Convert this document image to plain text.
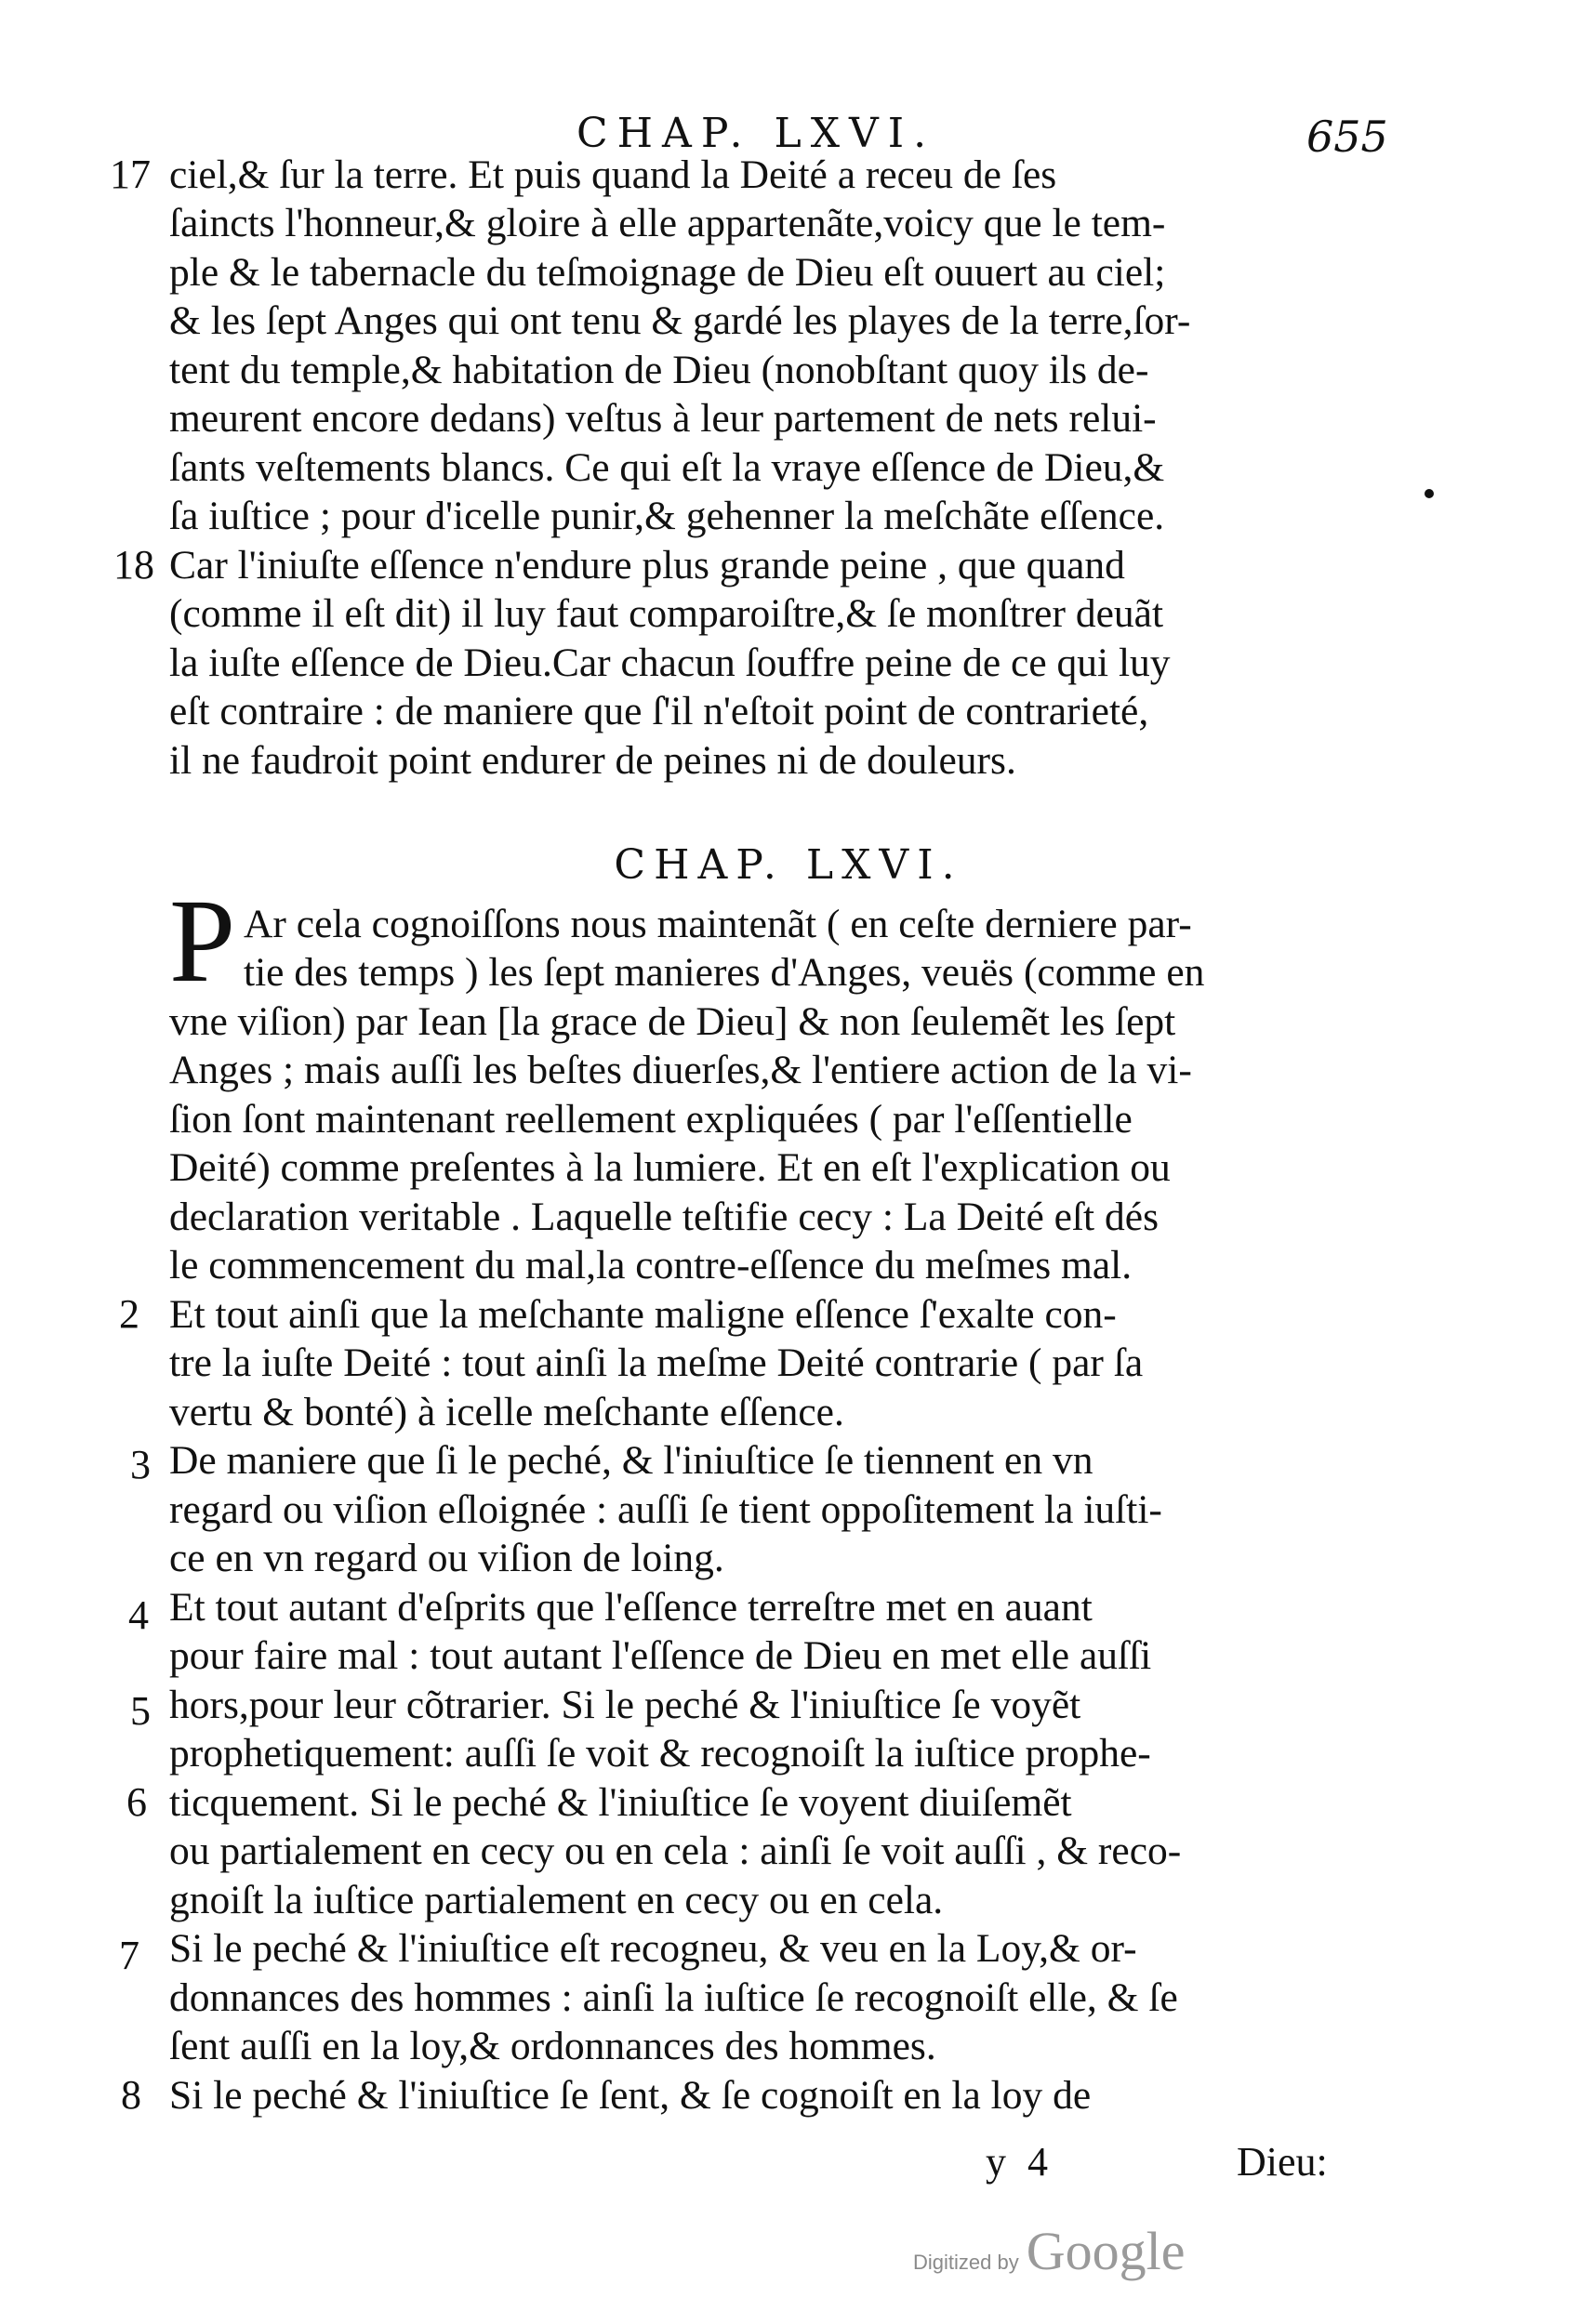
CHAP. LXVI.	655
17 ciel,& ſur la terre. Et puis quand la Deité a receu de ſes
ſaincts l'honneur,& gloire à elle appartenãte,voicy que le tem-
ple & le tabernacle du teſmoignage de Dieu eſt ouuert au ciel;
& les ſept Anges qui ont tenu & gardé les playes de la terre,ſor-
tent du temple,& habitation de Dieu (nonobſtant quoy ils de-
meurent encore dedans) veſtus à leur partement de nets relui-
ſants veſtements blancs. Ce qui eſt la vraye eſſence de Dieu,&
ſa iuſtice ; pour d'icelle punir,& gehenner la meſchãte eſſence.
18 Car l'iniuſte eſſence n'endure plus grande peine , que quand
(comme il eſt dit) il luy faut comparoiſtre,& ſe monſtrer deuãt
la iuſte eſſence de Dieu.Car chacun ſouffre peine de ce qui luy
eſt contraire : de maniere que ſ'il n'eſtoit point de contrarieté,
il ne faudroit point endurer de peines ni de douleurs.
CHAP. LXVI.
P Ar cela cognoiſſons nous maintenãt ( en ceſte derniere par-
tie des temps ) les ſept manieres d'Anges, veuës (comme en
vne viſion) par Iean [la grace de Dieu] & non ſeulemẽt les ſept
Anges ; mais auſſi les beſtes diuerſes,& l'entiere action de la vi-
ſion ſont maintenant reellement expliquées ( par l'eſſentielle
Deité) comme preſentes à la lumiere. Et en eſt l'explication ou
declaration veritable . Laquelle teſtifie cecy : La Deité eſt dés
le commencement du mal,la contre-eſſence du meſmes mal.
2 Et tout ainſi que la meſchante maligne eſſence ſ'exalte con-
tre la iuſte Deité : tout ainſi la meſme Deité contrarie ( par ſa
vertu & bonté) à icelle meſchante eſſence.
3 De maniere que ſi le peché, & l'iniuſtice ſe tiennent en vn
regard ou viſion eſloignée : auſſi ſe tient oppoſitement la iuſti-
ce en vn regard ou viſion de loing.
4 Et tout autant d'eſprits que l'eſſence terreſtre met en auant
pour faire mal : tout autant l'eſſence de Dieu en met elle auſſi
5 hors,pour leur cõtrarier. Si le peché & l'iniuſtice ſe voyẽt
prophetiquement: auſſi ſe voit & recognoiſt la iuſtice prophe-
6 ticquement. Si le peché & l'iniuſtice ſe voyent diuiſemẽt
ou partialement en cecy ou en cela : ainſi ſe voit auſſi , & reco-
gnoiſt la iuſtice partialement en cecy ou en cela.
7 Si le peché & l'iniuſtice eſt recogneu, & veu en la Loy,& or-
donnances des hommes : ainſi la iuſtice ſe recognoiſt elle, & ſe
ſent auſſi en la loy,& ordonnances des hommes.
8 Si le peché & l'iniuſtice ſe ſent, & ſe cognoiſt en la loy de
y 4	Dieu:
Digitized by Google
